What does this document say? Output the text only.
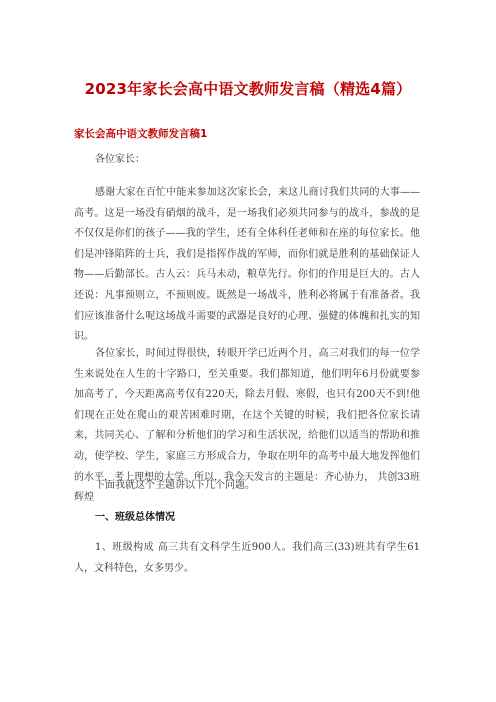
2023年家长会高中语文教师发言稿（精选4篇）
家长会高中语文教师发言稿1

各位家长：

感谢大家在百忙中能来参加这次家长会，来这儿商讨我们共同的大事——高考。这是一场没有硝烟的战斗，是一场我们必须共同参与的战斗，参战的是不仅仅是你们的孩子——我的学生，还有全体科任老师和在座的每位家长。他们是冲锋陷阵的士兵，我们是指挥作战的军师，而你们就是胜利的基础保证人物——后勤部长。古人云：兵马未动，粮草先行。你们的作用是巨大的。古人还说：凡事预则立，不预则废。既然是一场战斗，胜利必将属于有准备者。我们应该准备什么呢这场战斗需要的武器是良好的心理、强健的体魄和扎实的知识。

各位家长，时间过得很快，转眼开学已近两个月，高三对我们的每一位学生来说处在人生的十字路口，至关重要。我们都知道，他们明年6月份就要参加高考了，今天距离高考仅有220天，除去月假、寒假，也只有200天不到!他们现在正处在爬山的艰苦困难时期，在这个关键的时候，我们把各位家长请来，共同关心、了解和分析他们的学习和生活状况，给他们以适当的帮助和推动，使学校、学生，家庭三方形成合力，争取在明年的高考中最大地发挥他们的水平，考上理想的大学。所以，我今天发言的主题是：齐心协力， 共创33班辉煌

下面我就这个主题讲以下几个问题。

一、班级总体情况

1、班级构成 高三共有文科学生近900人。我们高三(33)班共有学生61人，文科特色，女多男少。
